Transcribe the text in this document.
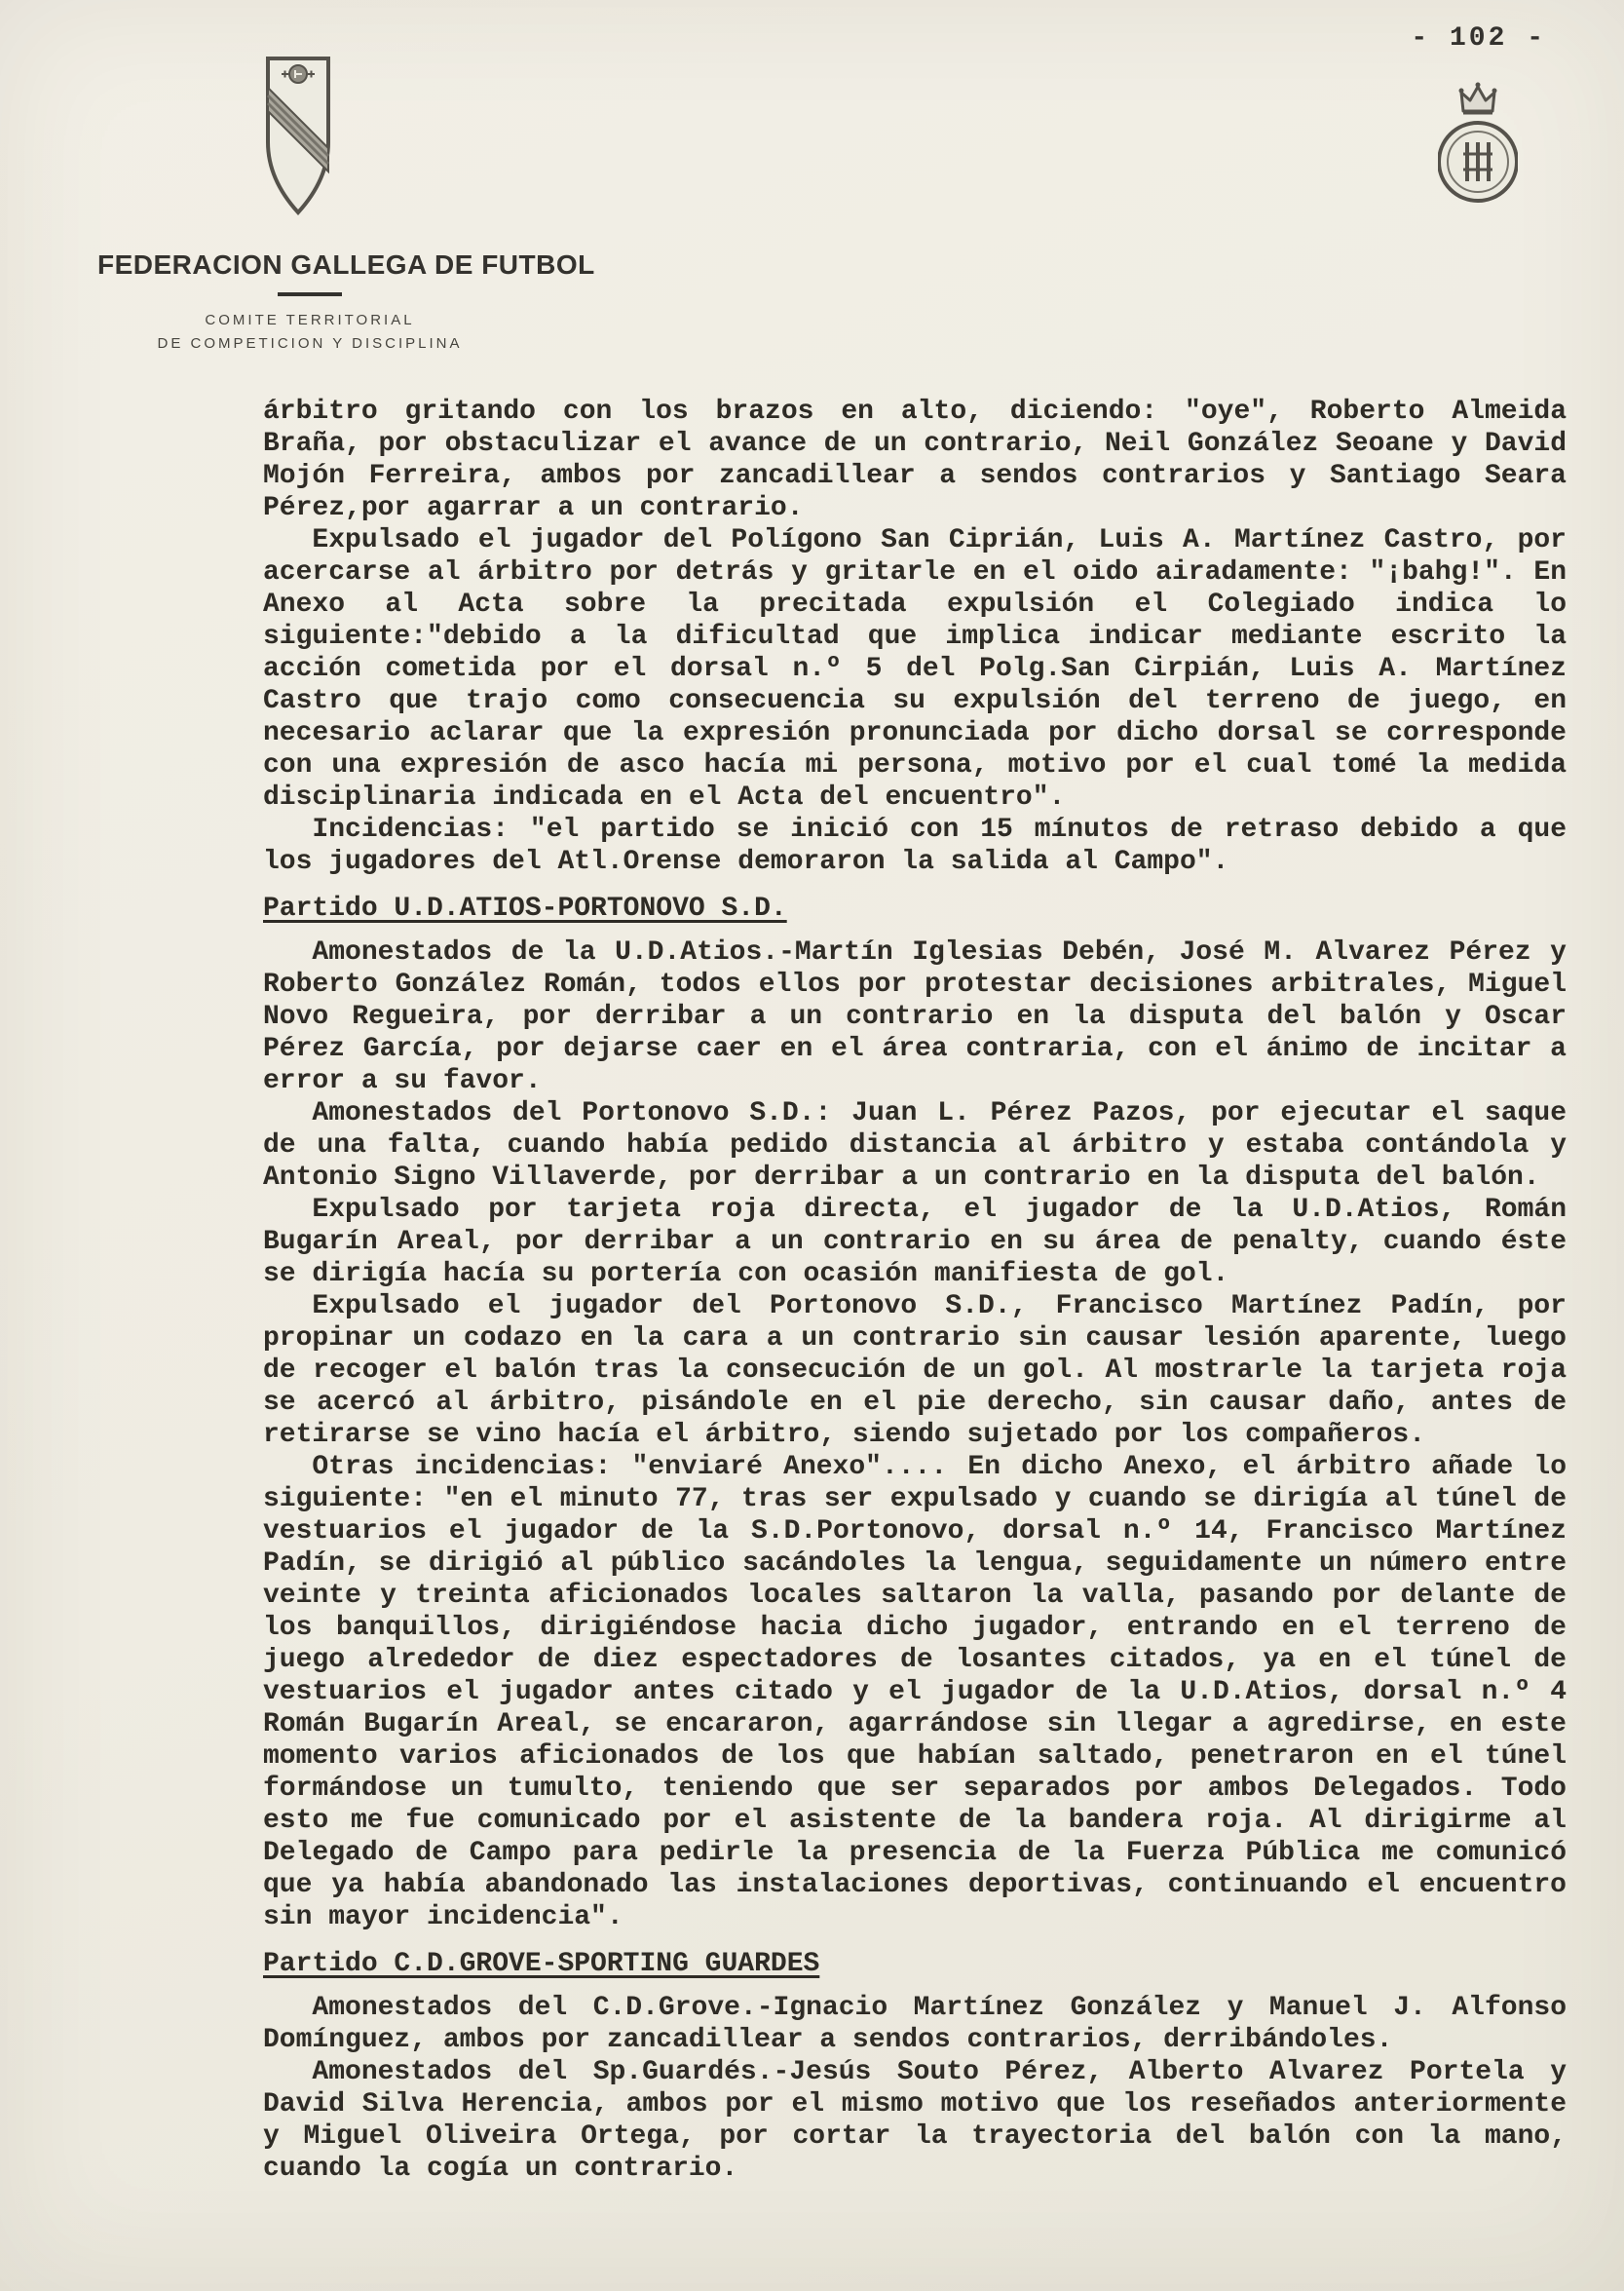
- 102 -
FEDERACION GALLEGA DE FUTBOL
COMITE TERRITORIAL
DE COMPETICION Y DISCIPLINA

árbitro gritando con los brazos en alto, diciendo: "oye", Roberto Almeida Braña, por obstaculizar el avance de un contrario, Neil González Seoane y David Mojón Ferreira, ambos por zancadillear a sendos contrarios y Santiago Seara Pérez,por agarrar a un contrario.

Expulsado el jugador del Polígono San Ciprián, Luis A. Martínez Castro, por acercarse al árbitro por detrás y gritarle en el oido airadamente: "¡bahg!". En Anexo al Acta sobre la precitada expulsión el Colegiado indica lo siguiente:"debido a la dificultad que implica indicar mediante escrito la acción cometida por el dorsal n.º 5 del Polg.San Cirpián, Luis A. Martínez Castro que trajo como consecuencia su expulsión del terreno de juego, en necesario aclarar que la expresión pronunciada por dicho dorsal se corresponde con una expresión de asco hacía mi persona, motivo por el cual tomé la medida disciplinaria indicada en el Acta del encuentro".

Incidencias: "el partido se inició con 15 mínutos de retraso debido a que los jugadores del Atl.Orense demoraron la salida al Campo".

Partido U.D.ATIOS-PORTONOVO S.D.

Amonestados de la U.D.Atios.-Martín Iglesias Debén, José M. Alvarez Pérez y Roberto González Román, todos ellos por protestar decisiones arbitrales, Miguel Novo Regueira, por derribar a un contrario en la disputa del balón y Oscar Pérez García, por dejarse caer en el área contraria, con el ánimo de incitar a error a su favor.

Amonestados del Portonovo S.D.: Juan L. Pérez Pazos, por ejecutar el saque de una falta, cuando había pedido distancia al árbitro y estaba contándola y Antonio Signo Villaverde, por derribar a un contrario en la disputa del balón.

Expulsado por tarjeta roja directa, el jugador de la U.D.Atios, Román Bugarín Areal, por derribar a un contrario en su área de penalty, cuando éste se dirigía hacía su portería con ocasión manifiesta de gol.

Expulsado el jugador del Portonovo S.D., Francisco Martínez Padín, por propinar un codazo en la cara a un contrario sin causar lesión aparente, luego de recoger el balón tras la consecución de un gol. Al mostrarle la tarjeta roja se acercó al árbitro, pisándole en el pie derecho, sin causar daño, antes de retirarse se vino hacía el árbitro, siendo sujetado por los compañeros.

Otras incidencias: "enviaré Anexo".... En dicho Anexo, el árbitro añade lo siguiente: "en el minuto 77, tras ser expulsado y cuando se dirigía al túnel de vestuarios el jugador de la S.D.Portonovo, dorsal n.º 14, Francisco Martínez Padín, se dirigió al público sacándoles la lengua, seguidamente un número entre veinte y treinta aficionados locales saltaron la valla, pasando por delante de los banquillos, dirigiéndose hacia dicho jugador, entrando en el terreno de juego alrededor de diez espectadores de losantes citados, ya en el túnel de vestuarios el jugador antes citado y el jugador de la U.D.Atios, dorsal n.º 4 Román Bugarín Areal, se encararon, agarrándose sin llegar a agredirse, en este momento varios aficionados de los que habían saltado, penetraron en el túnel formándose un tumulto, teniendo que ser separados por ambos Delegados. Todo esto me fue comunicado por el asistente de la bandera roja. Al dirigirme al Delegado de Campo para pedirle la presencia de la Fuerza Pública me comunicó que ya había abandonado las instalaciones deportivas, continuando el encuentro sin mayor incidencia".

Partido C.D.GROVE-SPORTING GUARDES

Amonestados del C.D.Grove.-Ignacio Martínez González y Manuel J. Alfonso Domínguez, ambos por zancadillear a sendos contrarios, derribándoles.

Amonestados del Sp.Guardés.-Jesús Souto Pérez, Alberto Alvarez Portela y David Silva Herencia, ambos por el mismo motivo que los reseñados anteriormente y Miguel Oliveira Ortega, por cortar la trayectoria del balón con la mano, cuando la cogía un contrario.
